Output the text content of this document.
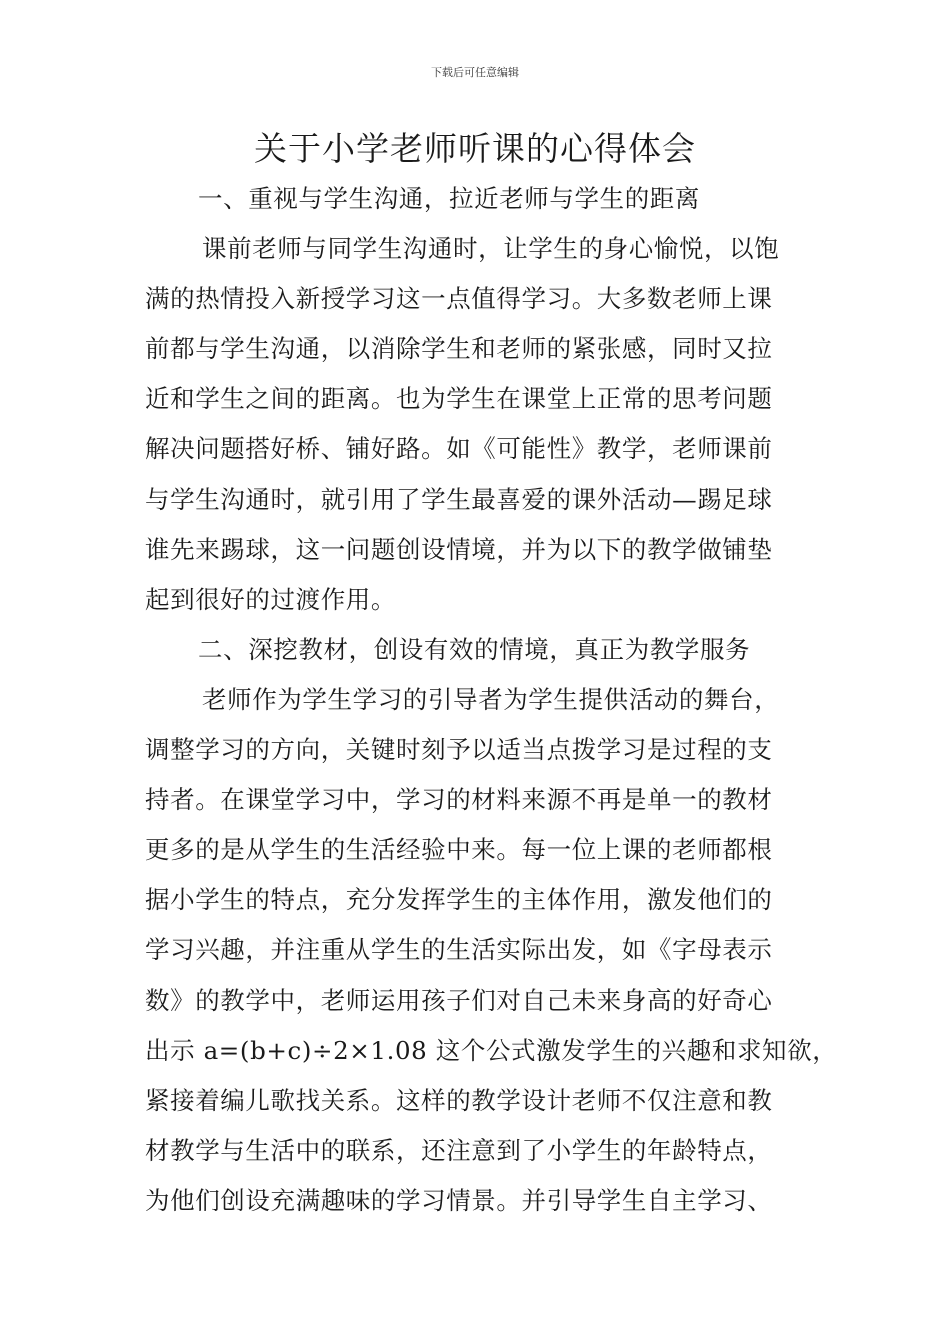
下载后可任意编辑
关于小学老师听课的心得体会
一、重视与学生沟通，拉近老师与学生的距离
课前老师与同学生沟通时，让学生的身心愉悦，以饱
满的热情投入新授学习这一点值得学习。大多数老师上课
前都与学生沟通，以消除学生和老师的紧张感，同时又拉
近和学生之间的距离。也为学生在课堂上正常的思考问题
解决问题搭好桥、铺好路。如《可能性》教学，老师课前
与学生沟通时，就引用了学生最喜爱的课外活动—踢足球
谁先来踢球，这一问题创设情境，并为以下的教学做铺垫
起到很好的过渡作用。
二、深挖教材，创设有效的情境，真正为教学服务
老师作为学生学习的引导者为学生提供活动的舞台，
调整学习的方向，关键时刻予以适当点拨学习是过程的支
持者。在课堂学习中，学习的材料来源不再是单一的教材
更多的是从学生的生活经验中来。每一位上课的老师都根
据小学生的特点，充分发挥学生的主体作用，激发他们的
学习兴趣，并注重从学生的生活实际出发，如《字母表示
数》的教学中，老师运用孩子们对自己未来身高的好奇心
出示 a=(b+c)÷2×1.08 这个公式激发学生的兴趣和求知欲，
紧接着编儿歌找关系。这样的教学设计老师不仅注意和教
材教学与生活中的联系，还注意到了小学生的年龄特点，
为他们创设充满趣味的学习情景。并引导学生自主学习、
